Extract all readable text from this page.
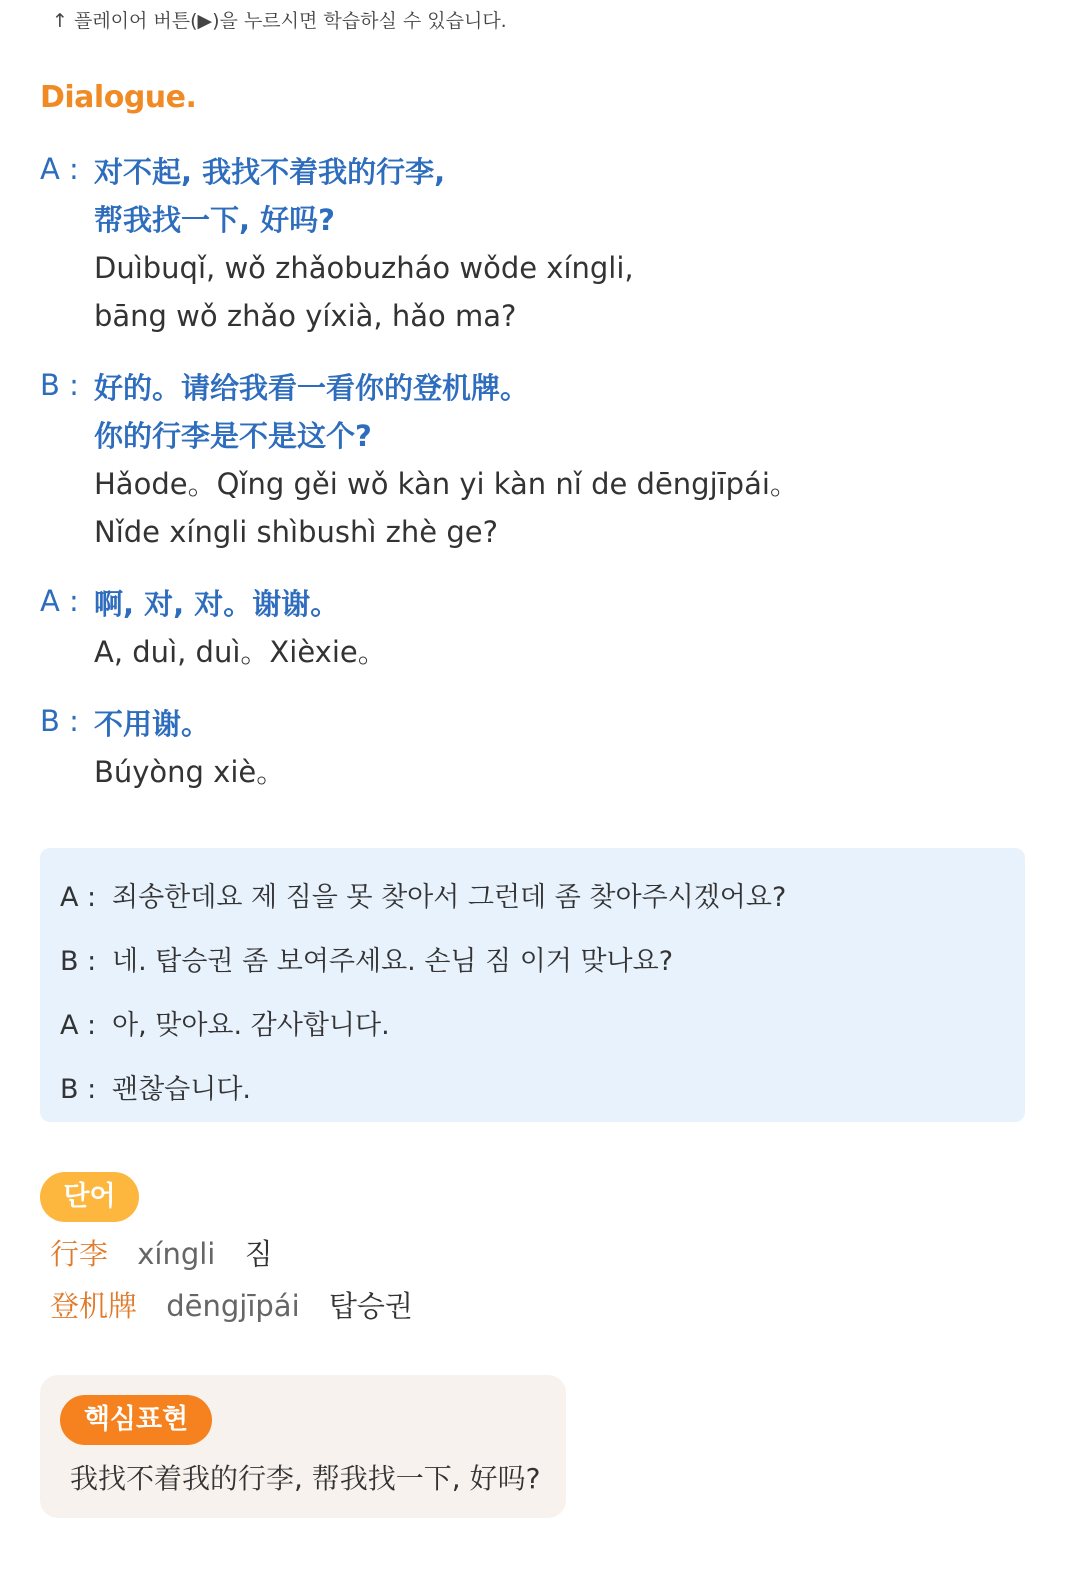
↑ 플레이어 버튼(▶)을 누르시면 학습하실 수 있습니다.
Dialogue.
A : 对不起, 我找不着我的行李,
帮我找一下, 好吗?
Duìbuqǐ, wǒ zhǎobuzháo wǒde xíngli,
bāng wǒ zhǎo yíxià, hǎo ma?
B : 好的。请给我看一看你的登机牌。
你的行李是不是这个?
Hǎode。Qǐng gěi wǒ kàn yi kàn nǐ de dēngjīpái。
Nǐde xíngli shìbushì zhè ge?
A : 啊, 对, 对。谢谢。
A, duì, duì。Xièxie。
B : 不用谢。
Búyòng xiè。
A : 죄송한데요 제 짐을 못 찾아서 그런데 좀 찾아주시겠어요?
B : 네. 탑승권 좀 보여주세요. 손님 짐 이거 맞나요?
A : 아, 맞아요. 감사합니다.
B : 괜찮습니다.
단어
行李 xíngli 짐
登机牌 dēngjīpái 탑승권
핵심표현
我找不着我的行李, 帮我找一下, 好吗?
